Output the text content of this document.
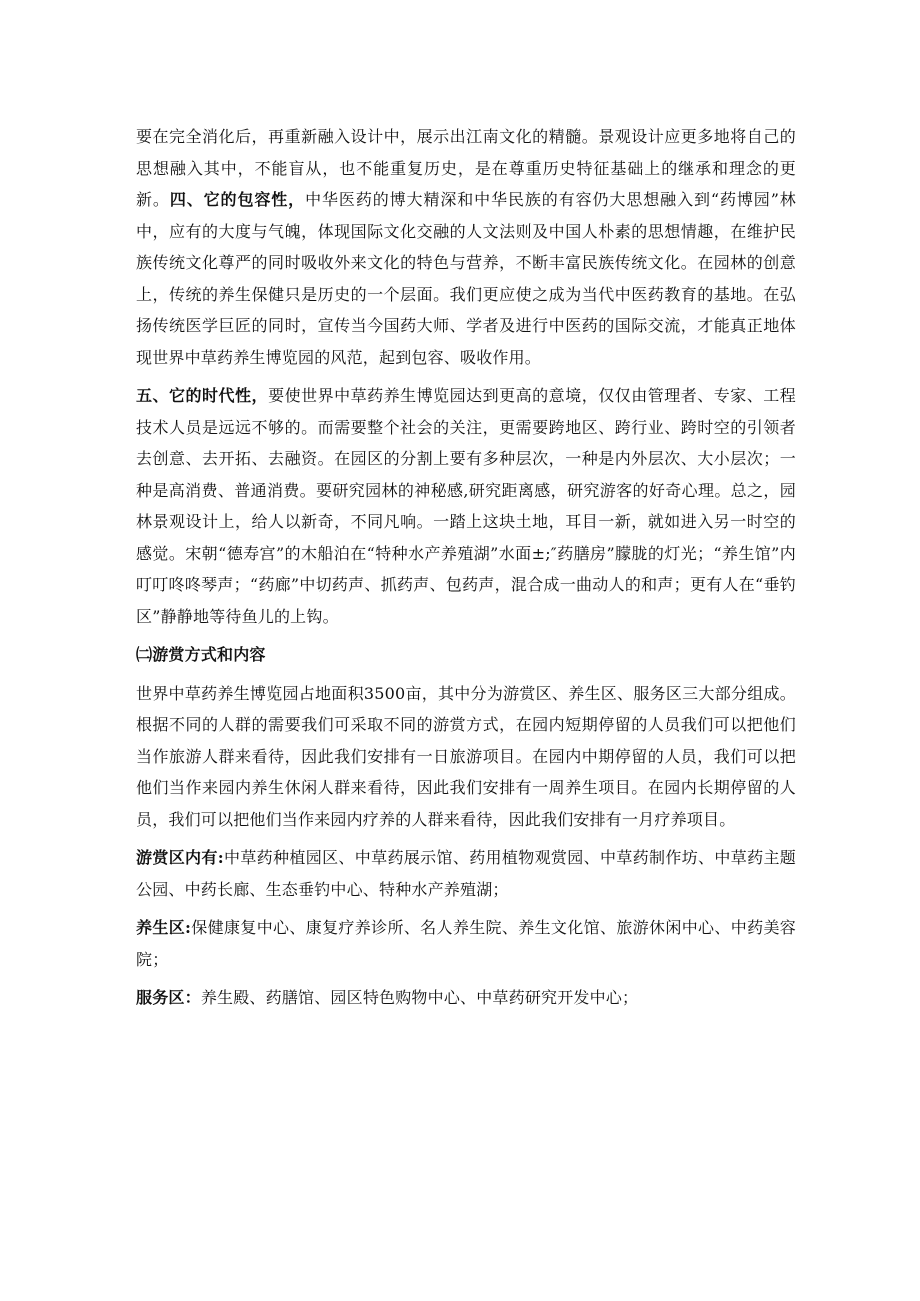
要在完全消化后，再重新融入设计中，展示出江南文化的精髓。景观设计应更多地将自己的思想融入其中，不能盲从，也不能重复历史，是在尊重历史特征基础上的继承和理念的更新。四、它的包容性，中华医药的博大精深和中华民族的有容仍大思想融入到“药博园”林中，应有的大度与气魄，体现国际文化交融的人文法则及中国人朴素的思想情趣，在维护民族传统文化尊严的同时吸收外来文化的特色与营养，不断丰富民族传统文化。在园林的创意上，传统的养生保健只是历史的一个层面。我们更应使之成为当代中医药教育的基地。在弘扬传统医学巨匠的同时，宣传当今国药大师、学者及进行中医药的国际交流，才能真正地体现世界中草药养生博览园的风范，起到包容、吸收作用。

五、它的时代性，要使世界中草药养生博览园达到更高的意境，仅仅由管理者、专家、工程技术人员是远远不够的。而需要整个社会的关注，更需要跨地区、跨行业、跨时空的引领者去创意、去开拓、去融资。在园区的分割上要有多种层次，一种是内外层次、大小层次；一种是高消费、普通消费。要研究园林的神秘感,研究距离感，研究游客的好奇心理。总之，园林景观设计上，给人以新奇，不同凡响。一踏上这块土地，耳目一新，就如进入另一时空的感觉。宋朝“德寿宫”的木船泊在“特种水产养殖湖”水面±;″药膳房”朦胧的灯光；“养生馆”内叮叮咚咚琴声；“药廊”中切药声、抓药声、包药声，混合成一曲动人的和声；更有人在“垂钓区”静静地等待鱼儿的上钩。

㈡游赏方式和内容

世界中草药养生博览园占地面积3500亩，其中分为游赏区、养生区、服务区三大部分组成。根据不同的人群的需要我们可采取不同的游赏方式，在园内短期停留的人员我们可以把他们当作旅游人群来看待，因此我们安排有一日旅游项目。在园内中期停留的人员，我们可以把他们当作来园内养生休闲人群来看待，因此我们安排有一周养生项目。在园内长期停留的人员，我们可以把他们当作来园内疗养的人群来看待，因此我们安排有一月疗养项目。

游赏区内有:中草药种植园区、中草药展示馆、药用植物观赏园、中草药制作坊、中草药主题公园、中药长廊、生态垂钓中心、特种水产养殖湖；

养生区:保健康复中心、康复疗养诊所、名人养生院、养生文化馆、旅游休闲中心、中药美容院；

服务区：养生殿、药膳馆、园区特色购物中心、中草药研究开发中心；
